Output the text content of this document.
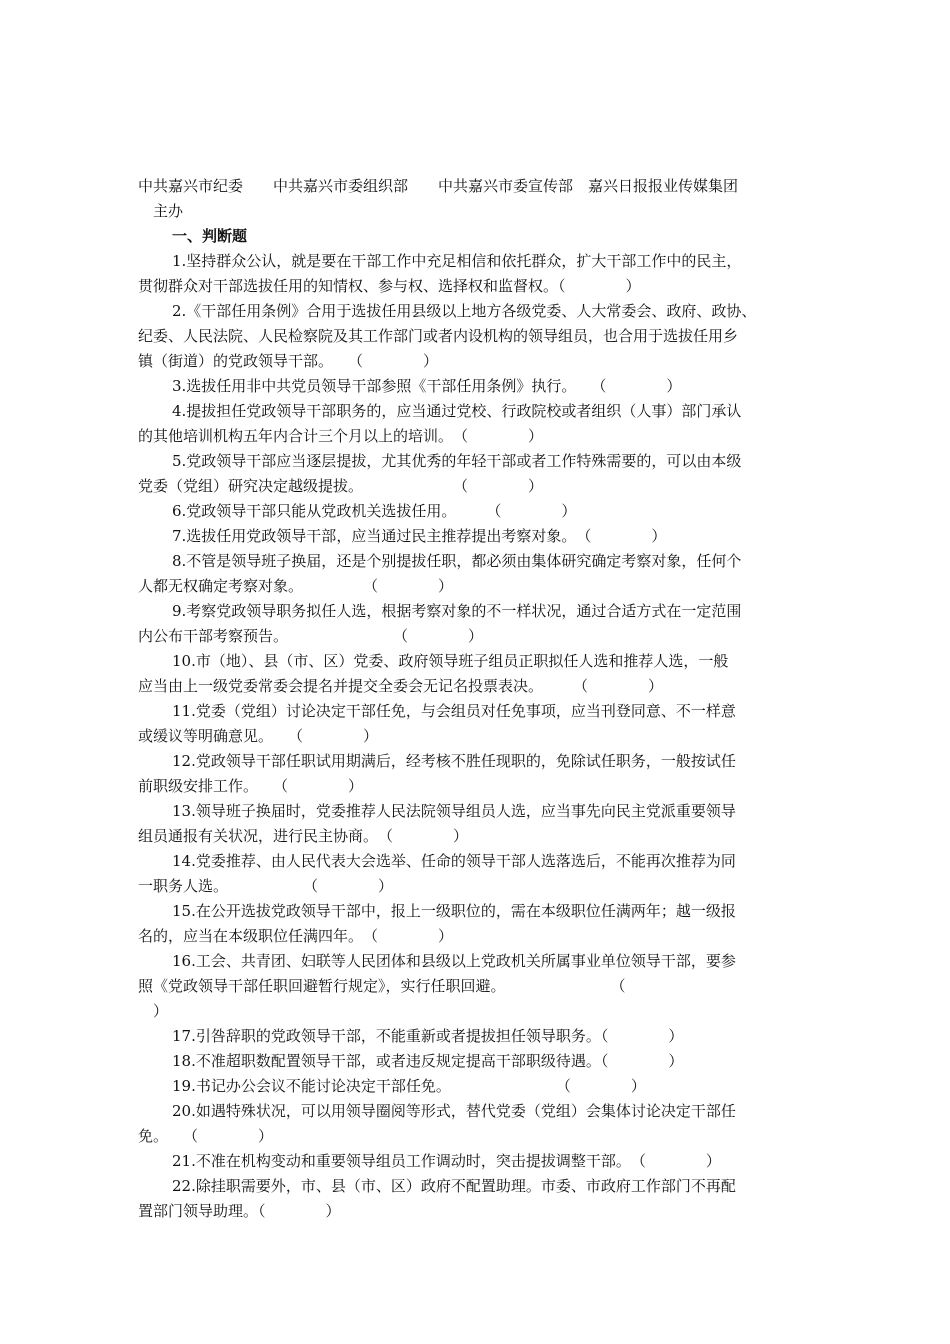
中共嘉兴市纪委　　中共嘉兴市委组织部　　中共嘉兴市委宣传部　嘉兴日报报业传媒集团
　主办
一、判断题
1.坚持群众公认，就是要在干部工作中充足相信和依托群众，扩大干部工作中的民主，
贯彻群众对干部选拔任用的知情权、参与权、选择权和监督权。（　　　　）
2.《干部任用条例》合用于选拔任用县级以上地方各级党委、人大常委会、政府、政协、
纪委、人民法院、人民检察院及其工作部门或者内设机构的领导组员，也合用于选拔任用乡
镇（街道）的党政领导干部。　　（　　　　）
3.选拔任用非中共党员领导干部参照《干部任用条例》执行。　　（　　　　）
4.提拔担任党政领导干部职务的，应当通过党校、行政院校或者组织（人事）部门承认
的其他培训机构五年内合计三个月以上的培训。　（　　　　）
5.党政领导干部应当逐层提拔，尤其优秀的年轻干部或者工作特殊需要的，可以由本级
党委（党组）研究决定越级提拔。　　　　　　　（　　　　）
6.党政领导干部只能从党政机关选拔任用。　　　（　　　　）
7.选拔任用党政领导干部，应当通过民主推荐提出考察对象。　（　　　　）
8.不管是领导班子换届，还是个别提拔任职，都必须由集体研究确定考察对象，任何个
人都无权确定考察对象。　　　　　（　　　　）
9.考察党政领导职务拟任人选，根据考察对象的不一样状况，通过合适方式在一定范围
内公布干部考察预告。　　　　　　　　（　　　　）
10.市（地）、县（市、区）党委、政府领导班子组员正职拟任人选和推荐人选，一般
应当由上一级党委常委会提名并提交全委会无记名投票表决。　　　（　　　　）
11.党委（党组）讨论决定干部任免，与会组员对任免事项，应当刊登同意、不一样意
或缓议等明确意见。　　（　　　　）
12.党政领导干部任职试用期满后，经考核不胜任现职的，免除试任职务，一般按试任
前职级安排工作。　　（　　　　）
13.领导班子换届时，党委推荐人民法院领导组员人选，应当事先向民主党派重要领导
组员通报有关状况，进行民主协商。　（　　　　）
14.党委推荐、由人民代表大会选举、任命的领导干部人选落选后，不能再次推荐为同
一职务人选。　　　　　　（　　　　）
15.在公开选拔党政领导干部中，报上一级职位的，需在本级职位任满两年；越一级报
名的，应当在本级职位任满四年。　（　　　　）
16.工会、共青团、妇联等人民团体和县级以上党政机关所属事业单位领导干部，要参
照《党政领导干部任职回避暂行规定》，实行任职回避。　　　　　　　　（
　）
17.引咎辞职的党政领导干部，不能重新或者提拔担任领导职务。（　　　　）
18.不准超职数配置领导干部，或者违反规定提高干部职级待遇。（　　　　）
19.书记办公会议不能讨论决定干部任免。　　　　　　　　（　　　　）
20.如遇特殊状况，可以用领导圈阅等形式，替代党委（党组）会集体讨论决定干部任
免。　　（　　　　）
21.不准在机构变动和重要领导组员工作调动时，突击提拔调整干部。　（　　　　）
22.除挂职需要外，市、县（市、区）政府不配置助理。市委、市政府工作部门不再配
置部门领导助理。（　　　　）
